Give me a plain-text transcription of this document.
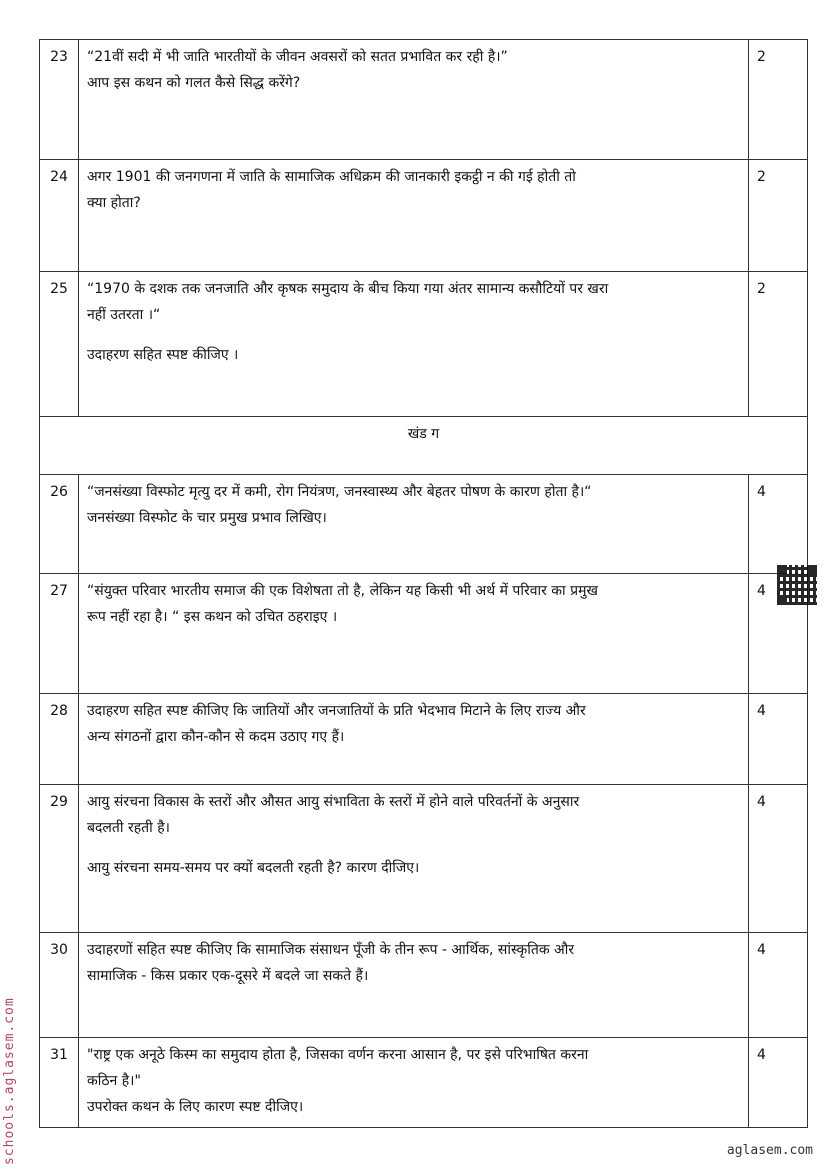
23	“21वीं सदी में भी जाति भारतीयों के जीवन अवसरों को सतत प्रभावित कर रही है।”
आप इस कथन को गलत कैसे सिद्ध करेंगे?	2
24	अगर 1901 की जनगणना में जाति के सामाजिक अधिक्रम की जानकारी इकट्ठी न की गई होती तो
क्या होता?	2
25	“1970 के दशक तक जनजाति और कृषक समुदाय के बीच किया गया अंतर सामान्य कसौटियों पर खरा
नहीं उतरता ।“
उदाहरण सहित स्पष्ट कीजिए ।	2
खंड ग		
26	“जनसंख्या विस्फोट मृत्यु दर में कमी, रोग नियंत्रण, जनस्वास्थ्य और बेहतर पोषण के कारण होता है।“
जनसंख्या विस्फोट के चार प्रमुख प्रभाव लिखिए।	4
27	“संयुक्त परिवार भारतीय समाज की एक विशेषता तो है, लेकिन यह किसी भी अर्थ में परिवार का प्रमुख
रूप नहीं रहा है। “ इस कथन को उचित ठहराइए ।	4
28	उदाहरण सहित स्पष्ट कीजिए कि जातियों और जनजातियों के प्रति भेदभाव मिटाने के लिए राज्य और
अन्य संगठनों द्वारा कौन-कौन से कदम उठाए गए हैं।	4
29	आयु संरचना विकास के स्तरों और औसत आयु संभाविता के स्तरों में होने वाले परिवर्तनों के अनुसार
बदलती रहती है।
आयु संरचना समय-समय पर क्यों बदलती रहती है? कारण दीजिए।	4
30	उदाहरणों सहित स्पष्ट कीजिए कि सामाजिक संसाधन पूँजी के तीन रूप - आर्थिक, सांस्कृतिक और
सामाजिक - किस प्रकार एक-दूसरे में बदले जा सकते हैं।	4
31	"राष्ट्र एक अनूठे किस्म का समुदाय होता है, जिसका वर्णन करना आसान है, पर इसे परिभाषित करना
कठिन है।"
उपरोक्त कथन के लिए कारण स्पष्ट दीजिए।	4
schools.aglasem.com	aglasem.com
